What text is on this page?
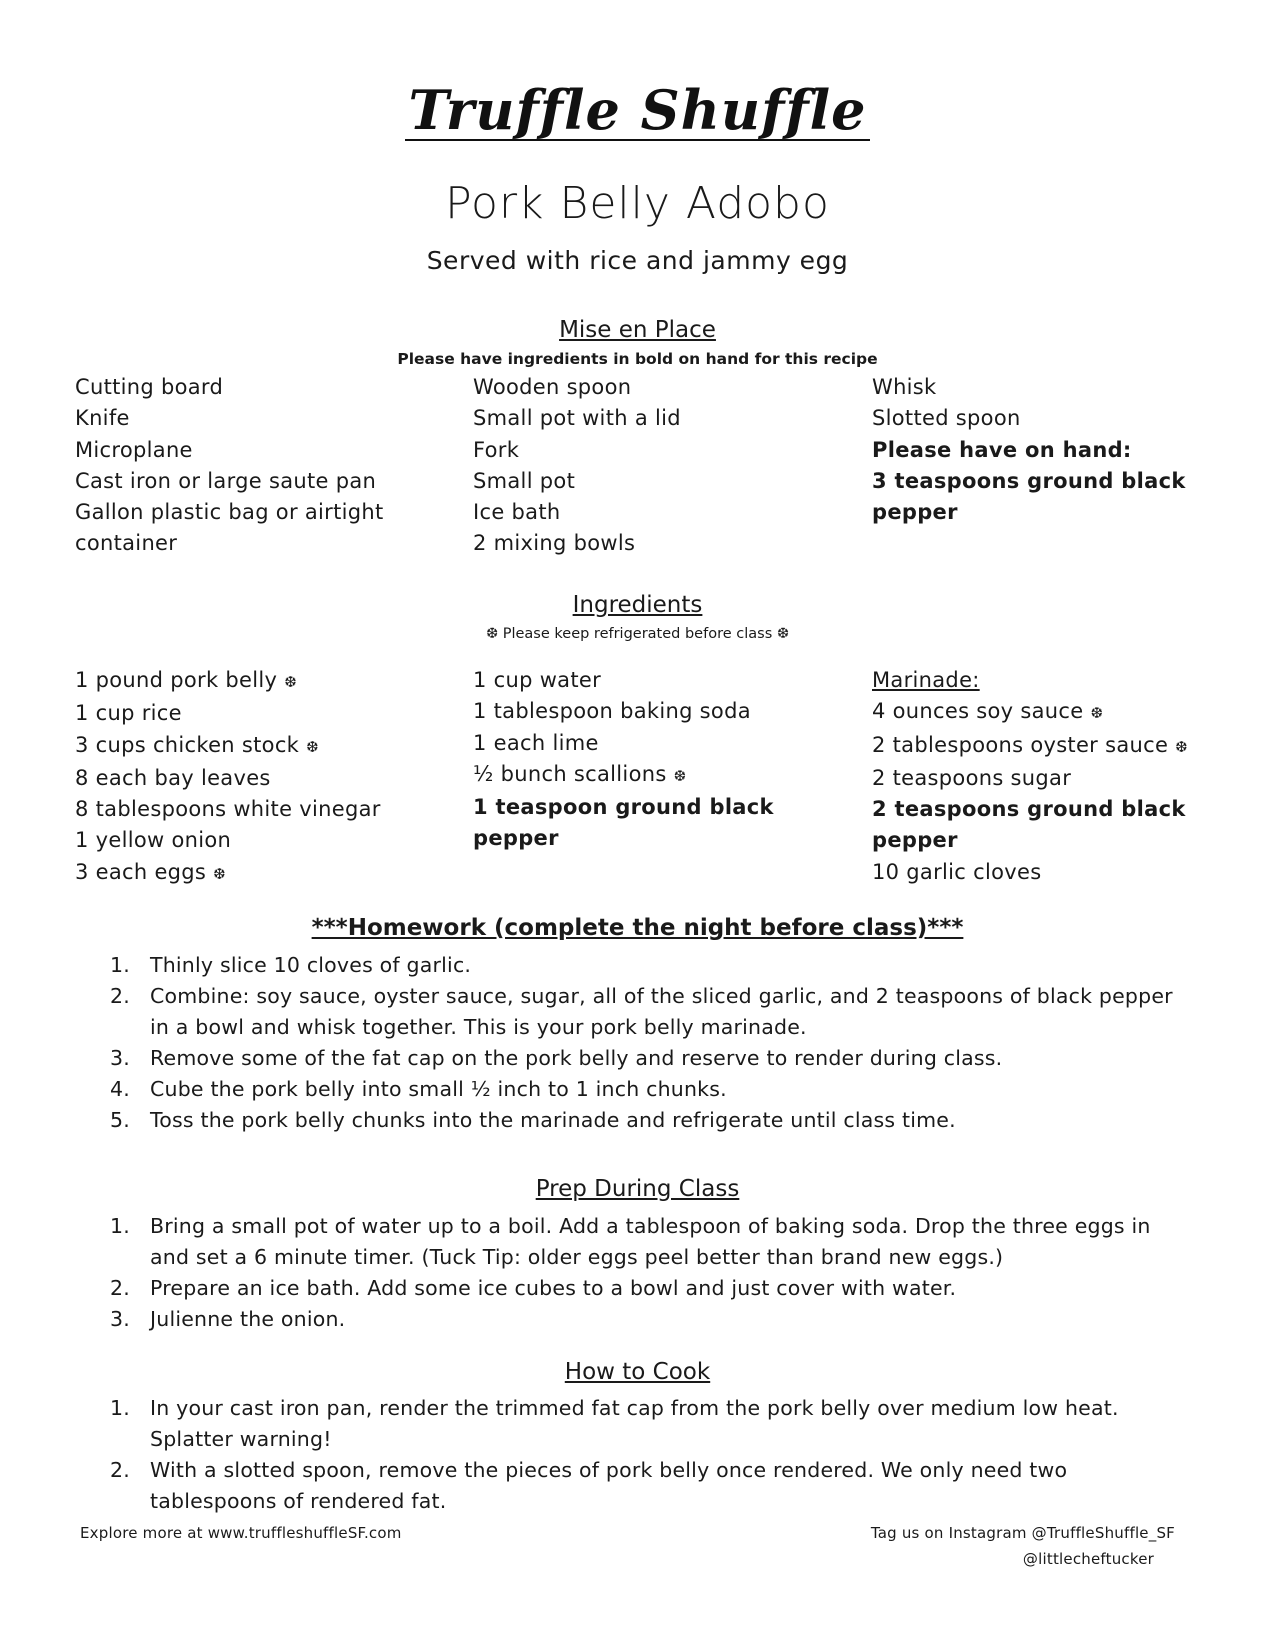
Truffle Shuffle
Pork Belly Adobo
Served with rice and jammy egg
Mise en Place
Please have ingredients in bold on hand for this recipe
Cutting board
Knife
Microplane
Cast iron or large saute pan
Gallon plastic bag or airtight
container
Wooden spoon
Small pot with a lid
Fork
Small pot
Ice bath
2 mixing bowls
Whisk
Slotted spoon
Please have on hand:
3 teaspoons ground black
pepper
Ingredients
❆ Please keep refrigerated before class ❆
1 pound pork belly ❆
1 cup rice
3 cups chicken stock ❆
8 each bay leaves
8 tablespoons white vinegar
1 yellow onion
3 each eggs ❆
1 cup water
1 tablespoon baking soda
1 each lime
½ bunch scallions ❆
1 teaspoon ground black
pepper
Marinade:
4 ounces soy sauce ❆
2 tablespoons oyster sauce ❆
2 teaspoons sugar
2 teaspoons ground black
pepper
10 garlic cloves
***Homework (complete the night before class)***
1. Thinly slice 10 cloves of garlic.
2. Combine: soy sauce, oyster sauce, sugar, all of the sliced garlic, and 2 teaspoons of black pepper in a bowl and whisk together. This is your pork belly marinade.
3. Remove some of the fat cap on the pork belly and reserve to render during class.
4. Cube the pork belly into small ½ inch to 1 inch chunks.
5. Toss the pork belly chunks into the marinade and refrigerate until class time.
Prep During Class
1. Bring a small pot of water up to a boil. Add a tablespoon of baking soda. Drop the three eggs in and set a 6 minute timer. (Tuck Tip: older eggs peel better than brand new eggs.)
2. Prepare an ice bath. Add some ice cubes to a bowl and just cover with water.
3. Julienne the onion.
How to Cook
1. In your cast iron pan, render the trimmed fat cap from the pork belly over medium low heat. Splatter warning!
2. With a slotted spoon, remove the pieces of pork belly once rendered. We only need two tablespoons of rendered fat.
Explore more at www.truffleshuffleSF.com	Tag us on Instagram @TruffleShuffle_SF
@littlecheftucker
